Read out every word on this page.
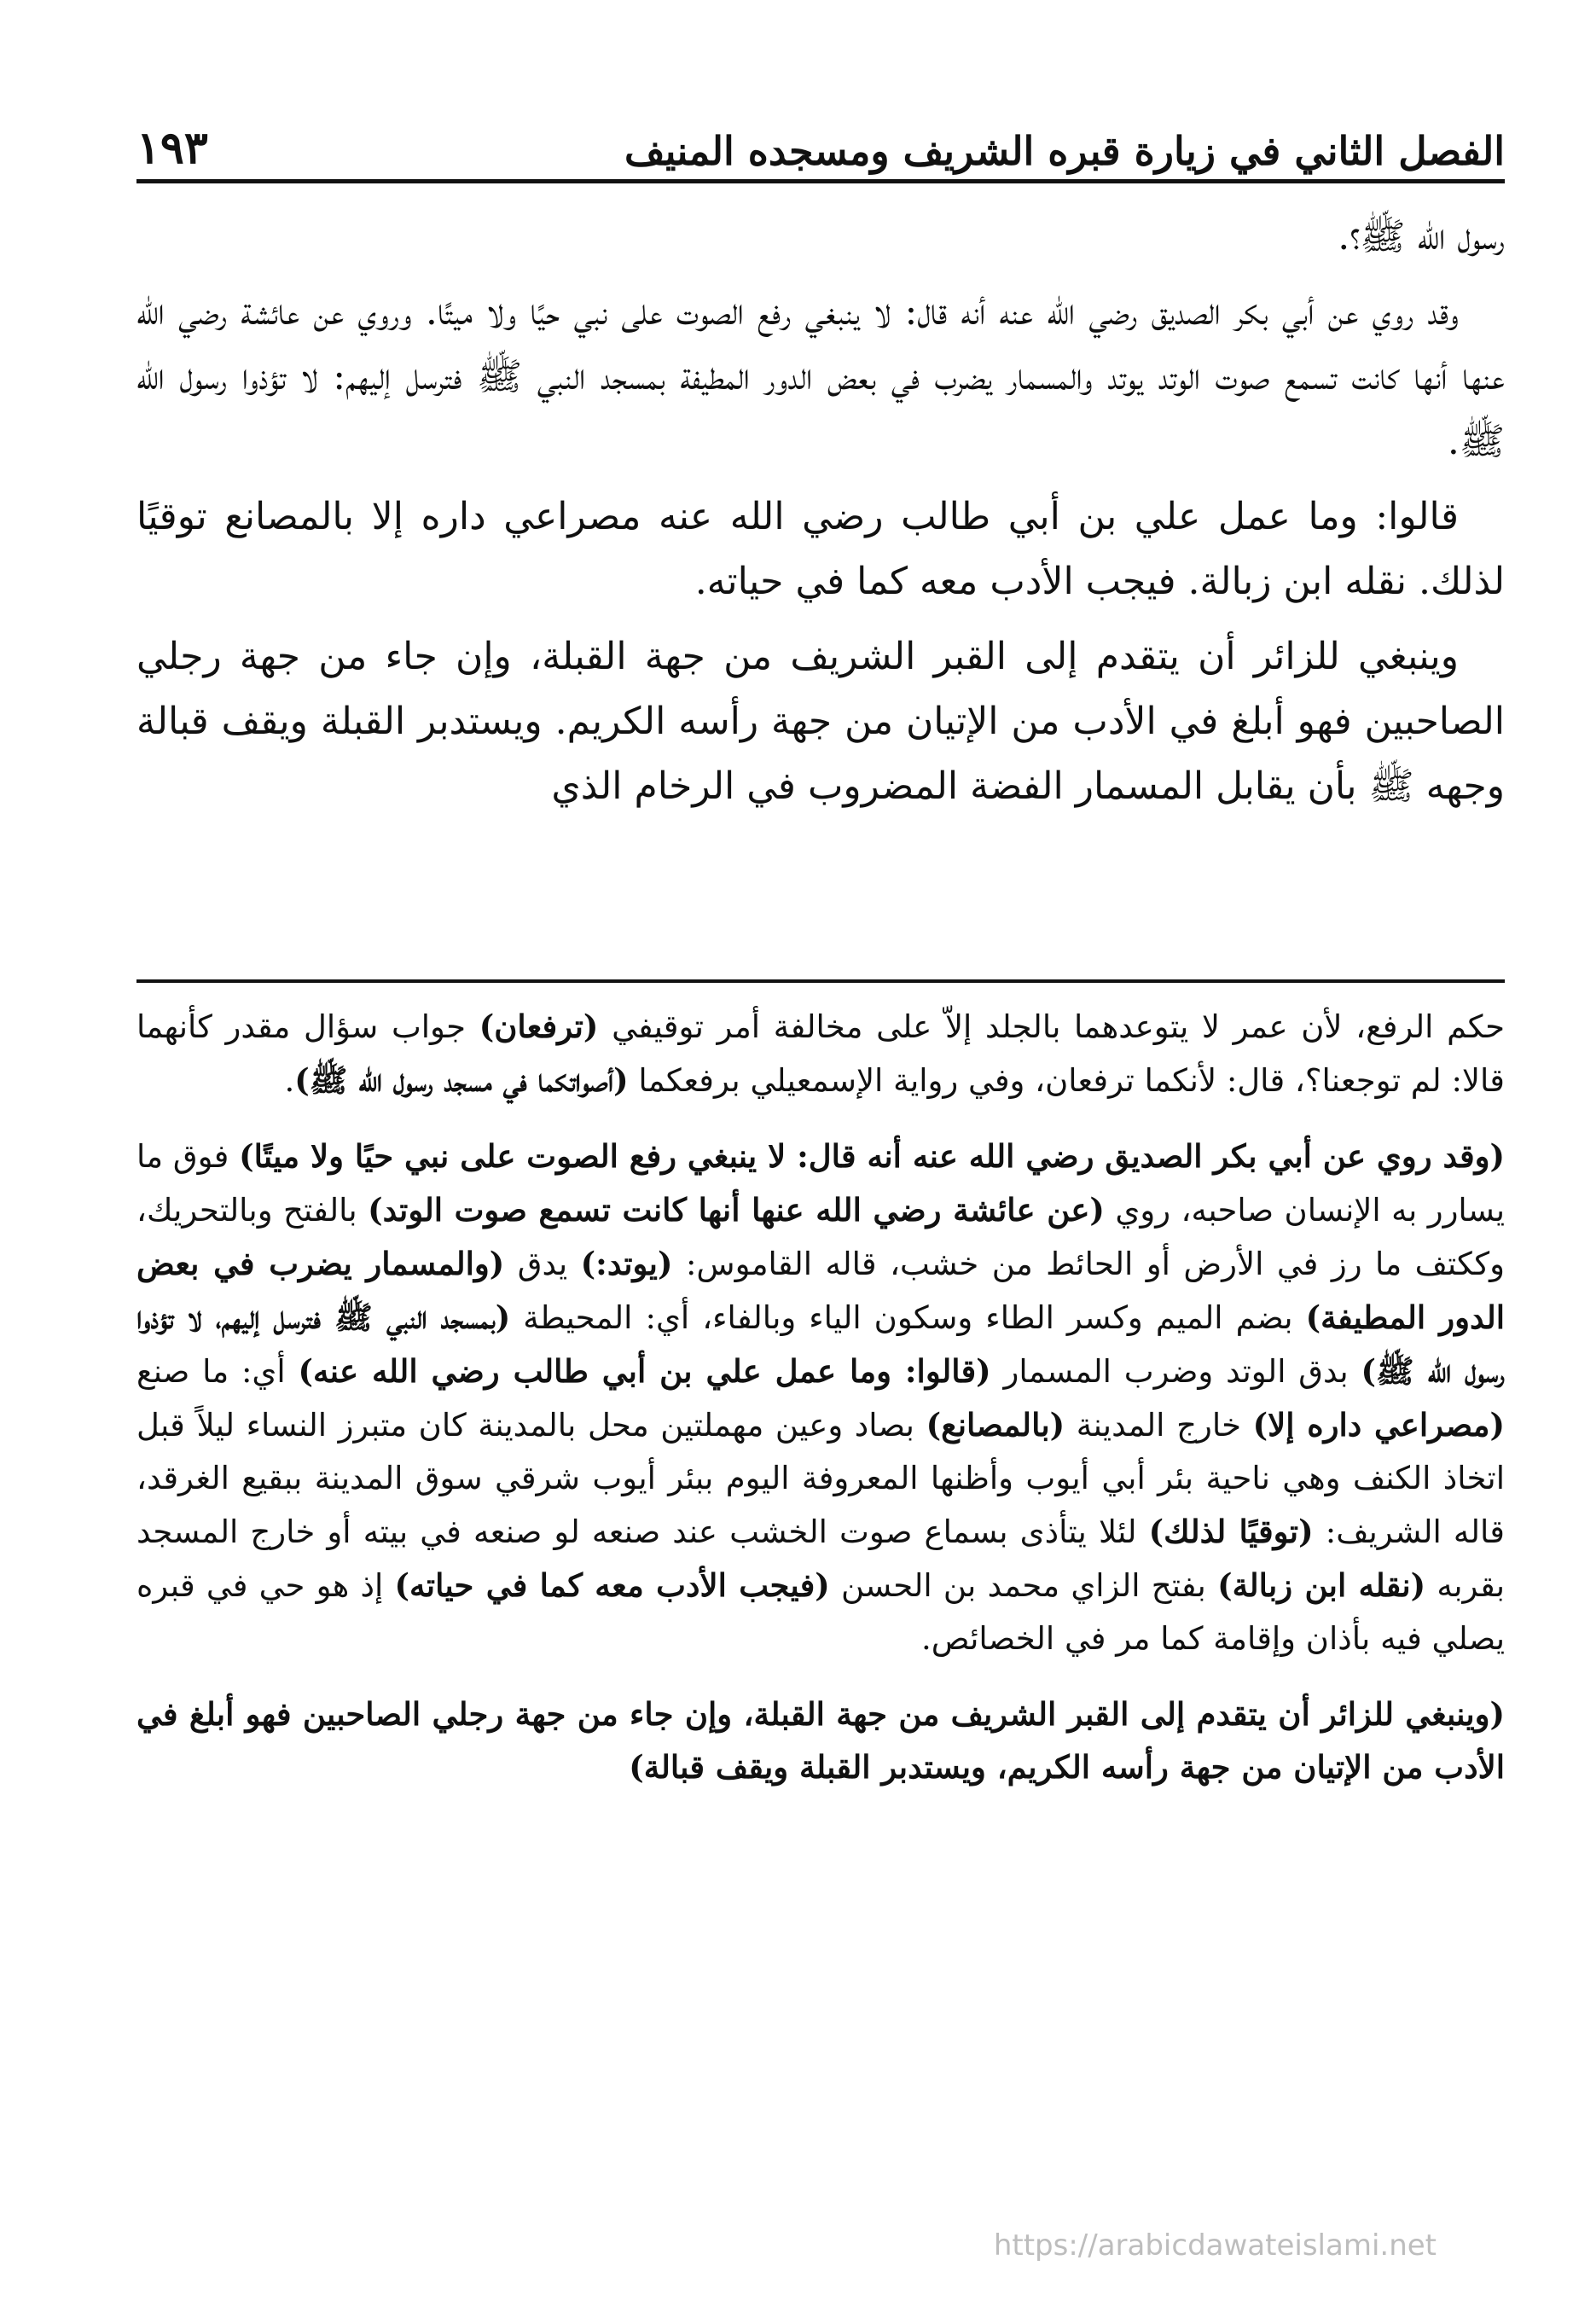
الفصل الثاني في زيارة قبره الشريف ومسجده المنيف
١٩٣

رسول الله ﷺ؟.

وقد روي عن أبي بكر الصديق رضي الله عنه أنه قال: لا ينبغي رفع الصوت على نبي حيًا ولا ميتًا. وروي عن عائشة رضي الله عنها أنها كانت تسمع صوت الوتد يوتد والمسمار يضرب في بعض الدور المطيفة بمسجد النبي ﷺ فترسل إليهم: لا تؤذوا رسول الله ﷺ.

قالوا: وما عمل علي بن أبي طالب رضي الله عنه مصراعي داره إلا بالمصانع توقيًا لذلك. نقله ابن زبالة. فيجب الأدب معه كما في حياته.

وينبغي للزائر أن يتقدم إلى القبر الشريف من جهة القبلة، وإن جاء من جهة رجلي الصاحبين فهو أبلغ في الأدب من الإتيان من جهة رأسه الكريم. ويستدبر القبلة ويقف قبالة وجهه ﷺ بأن يقابل المسمار الفضة المضروب في الرخام الذي

حكم الرفع، لأن عمر لا يتوعدهما بالجلد إلاّ على مخالفة أمر توقيفي (ترفعان) جواب سؤال مقدر كأنهما قالا: لم توجعنا؟، قال: لأنكما ترفعان، وفي رواية الإسمعيلي برفعكما (أصواتكما في مسجد رسول الله ﷺ).

(وقد روي عن أبي بكر الصديق رضي الله عنه أنه قال: لا ينبغي رفع الصوت على نبي حيًا ولا ميتًا) فوق ما يسارر به الإنسان صاحبه، روي (عن عائشة رضي الله عنها أنها كانت تسمع صوت الوتد) بالفتح وبالتحريك، وككتف ما رز في الأرض أو الحائط من خشب، قاله القاموس: (يوتد:) يدق (والمسمار يضرب في بعض الدور المطيفة) بضم الميم وكسر الطاء وسكون الياء وبالفاء، أي: المحيطة (بمسجد النبي ﷺ فترسل إليهم، لا تؤذوا رسول الله ﷺ) بدق الوتد وضرب المسمار (قالوا: وما عمل علي بن أبي طالب رضي الله عنه) أي: ما صنع (مصراعي داره إلا) خارج المدينة (بالمصانع) بصاد وعين مهملتين محل بالمدينة كان متبرز النساء ليلاً قبل اتخاذ الكنف وهي ناحية بئر أبي أيوب وأظنها المعروفة اليوم ببئر أيوب شرقي سوق المدينة ببقيع الغرقد، قاله الشريف: (توقيًا لذلك) لئلا يتأذى بسماع صوت الخشب عند صنعه لو صنعه في بيته أو خارج المسجد بقربه (نقله ابن زبالة) بفتح الزاي محمد بن الحسن (فيجب الأدب معه كما في حياته) إذ هو حي في قبره يصلي فيه بأذان وإقامة كما مر في الخصائص.

(وينبغي للزائر أن يتقدم إلى القبر الشريف من جهة القبلة، وإن جاء من جهة رجلي الصاحبين فهو أبلغ في الأدب من الإتيان من جهة رأسه الكريم، ويستدبر القبلة ويقف قبالة)

https://arabicdawateislami.net
